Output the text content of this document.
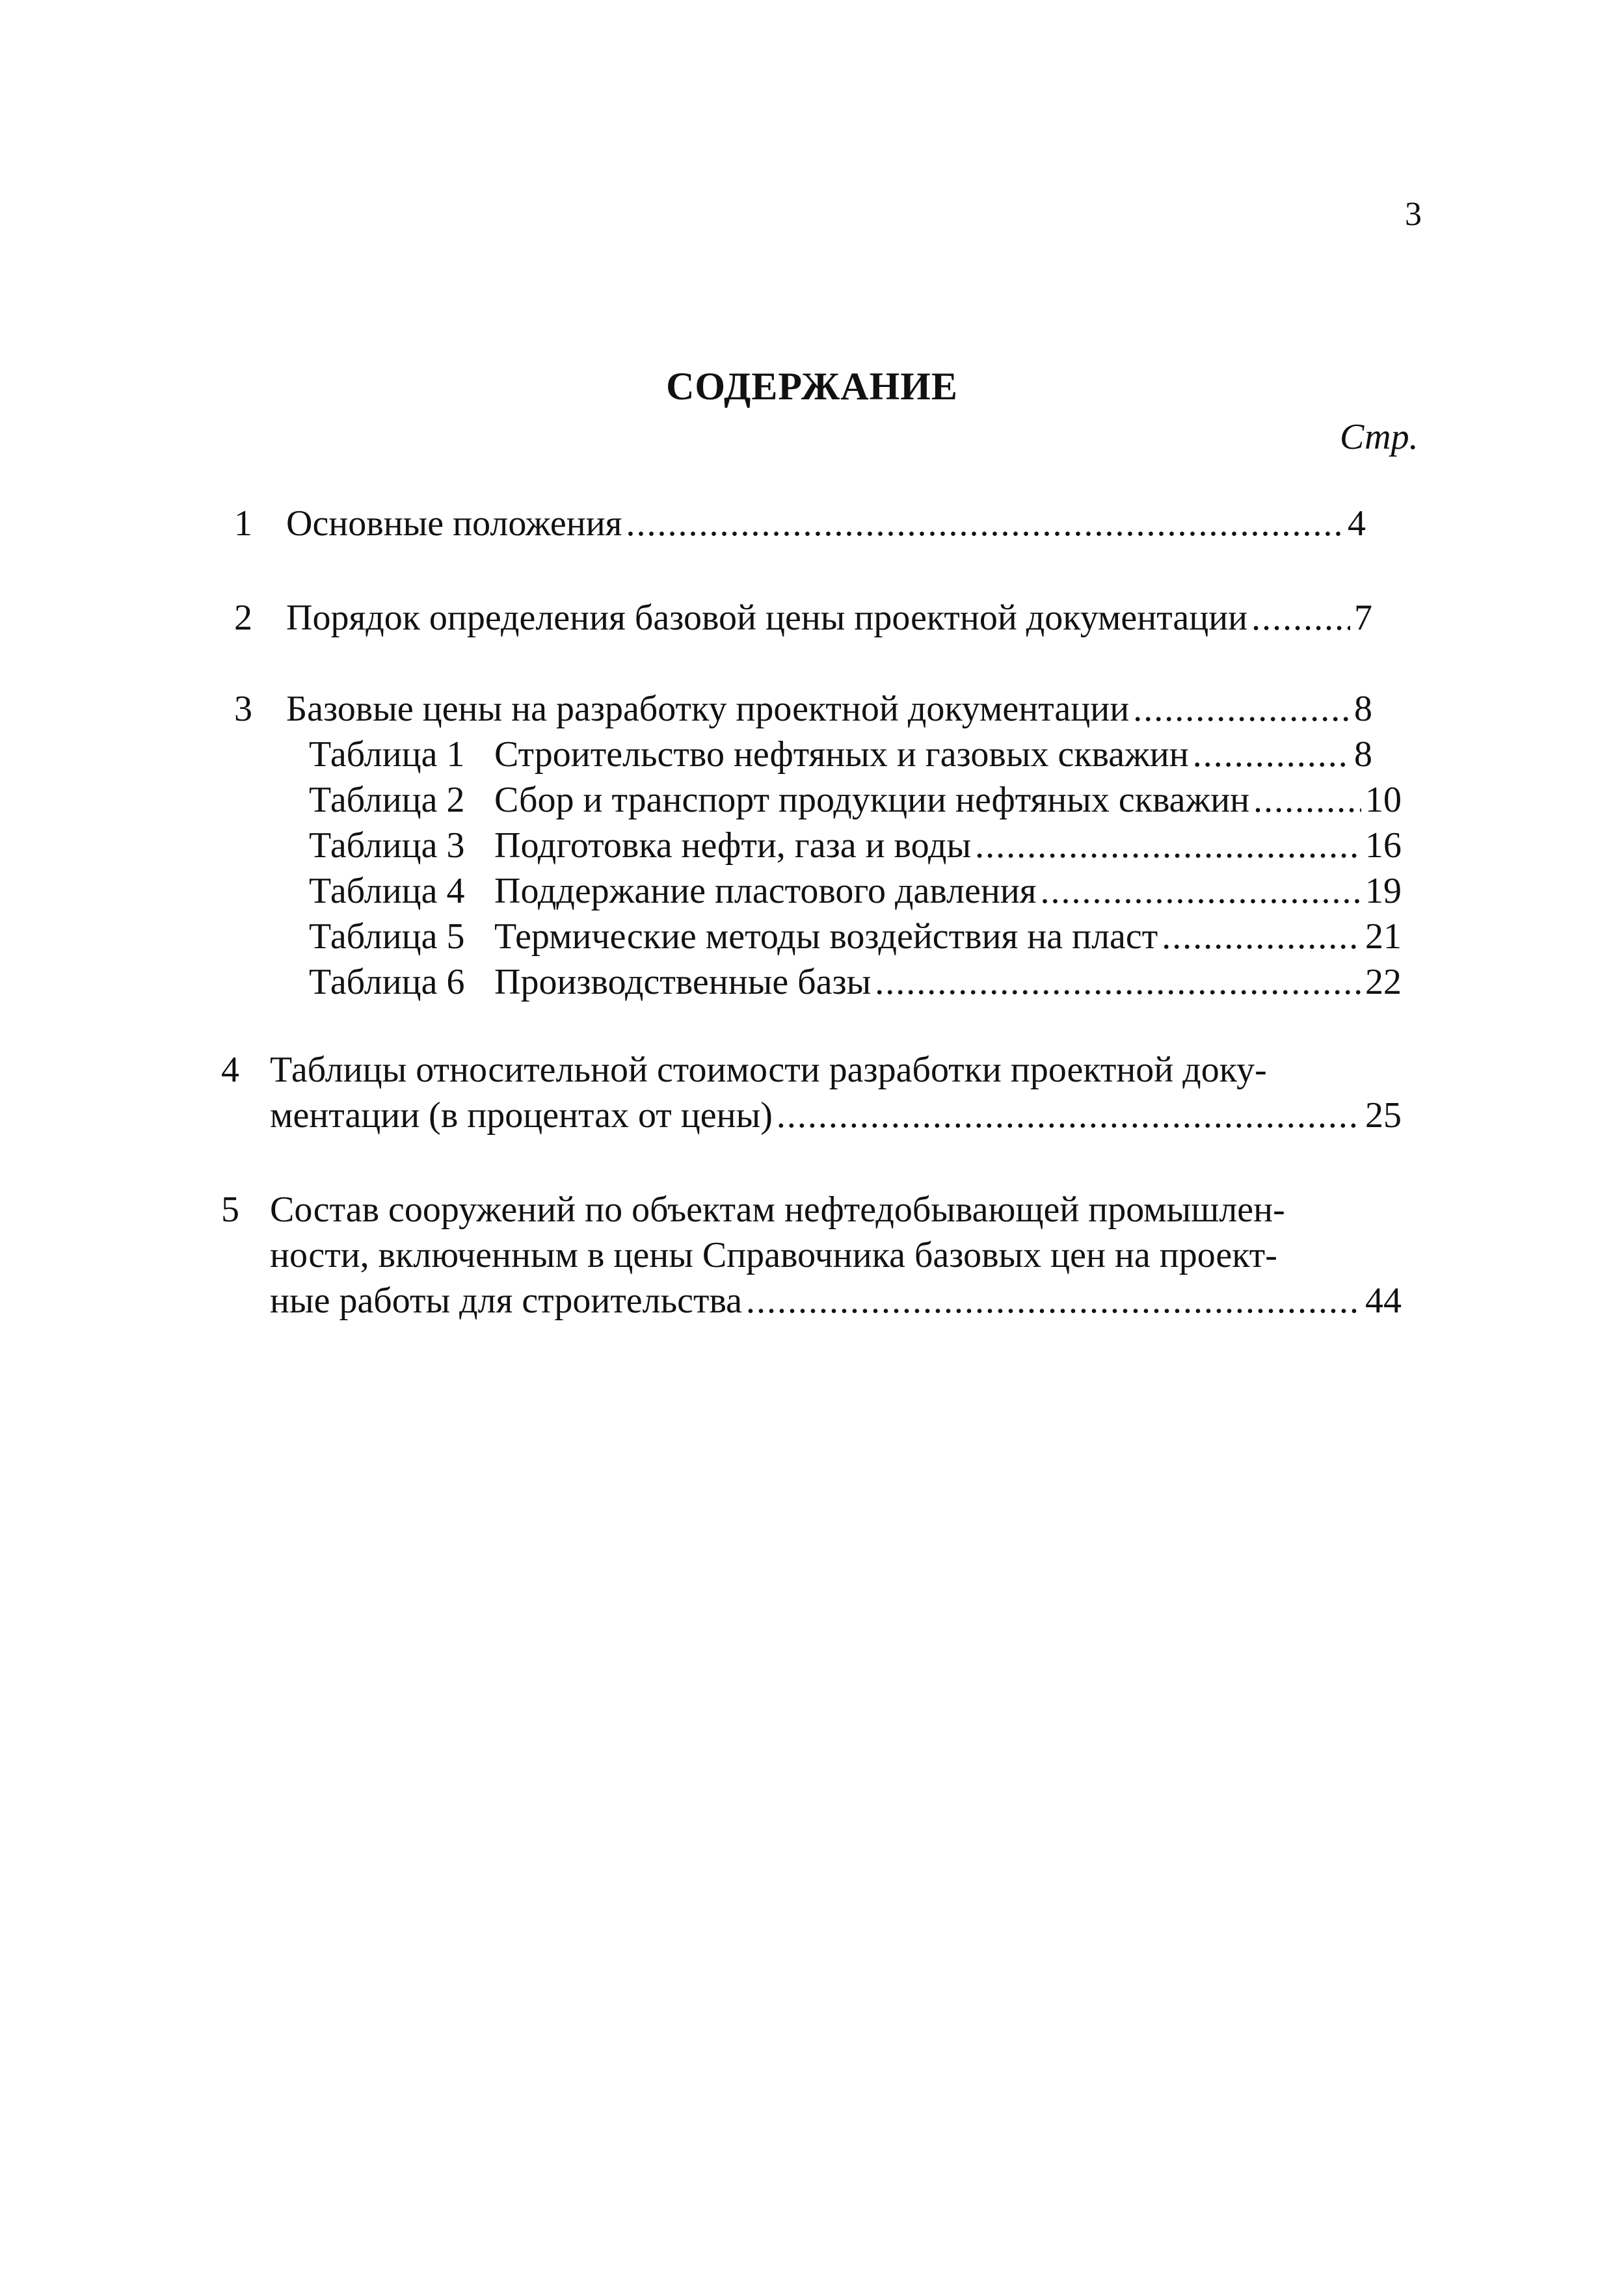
3
СОДЕРЖАНИЕ
Стр.
1 Основные положения .....	4
2 Порядок определения базовой цены проектной документации .....	7
3 Базовые цены на разработку проектной документации .....	8
Таблица 1 Строительство нефтяных и газовых скважин .....	8
Таблица 2 Сбор и транспорт продукции нефтяных скважин .....	10
Таблица 3 Подготовка нефти, газа и воды .....	16
Таблица 4 Поддержание пластового давления .....	19
Таблица 5 Термические методы воздействия на пласт .....	21
Таблица 6 Производственные базы .....	22
4 Таблицы относительной стоимости разработки проектной доку-
ментации (в процентах от цены) .....	25
5 Состав сооружений по объектам нефтедобывающей промышлен-
ности, включенным в цены Справочника базовых цен на проект-
ные работы для строительства .....	44
